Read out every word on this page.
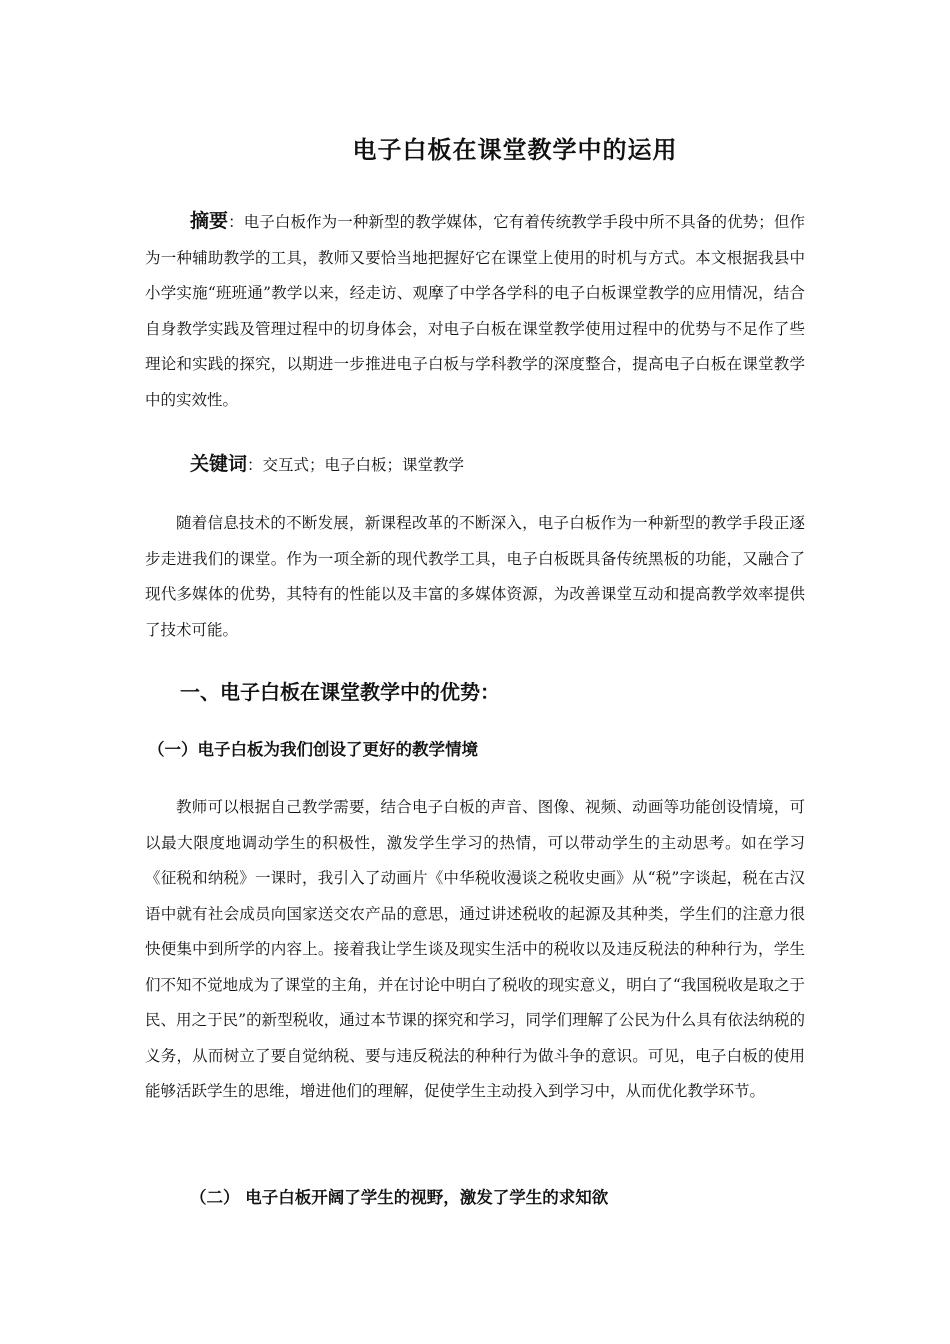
电子白板在课堂教学中的运用

摘要：电子白板作为一种新型的教学媒体，它有着传统教学手段中所不具备的优势；但作为一种辅助教学的工具，教师又要恰当地把握好它在课堂上使用的时机与方式。本文根据我县中小学实施“班班通”教学以来，经走访、观摩了中学各学科的电子白板课堂教学的应用情况，结合自身教学实践及管理过程中的切身体会，对电子白板在课堂教学使用过程中的优势与不足作了些理论和实践的探究，以期进一步推进电子白板与学科教学的深度整合，提高电子白板在课堂教学中的实效性。

关键词：交互式；电子白板；课堂教学

随着信息技术的不断发展，新课程改革的不断深入，电子白板作为一种新型的教学手段正逐步走进我们的课堂。作为一项全新的现代教学工具，电子白板既具备传统黑板的功能，又融合了现代多媒体的优势，其特有的性能以及丰富的多媒体资源，为改善课堂互动和提高教学效率提供了技术可能。

一、电子白板在课堂教学中的优势：
（一）电子白板为我们创设了更好的教学情境

教师可以根据自己教学需要，结合电子白板的声音、图像、视频、动画等功能创设情境，可以最大限度地调动学生的积极性，激发学生学习的热情，可以带动学生的主动思考。如在学习《征税和纳税》一课时，我引入了动画片《中华税收漫谈之税收史画》从“税”字谈起，税在古汉语中就有社会成员向国家送交农产品的意思，通过讲述税收的起源及其种类，学生们的注意力很快便集中到所学的内容上。接着我让学生谈及现实生活中的税收以及违反税法的种种行为，学生们不知不觉地成为了课堂的主角，并在讨论中明白了税收的现实意义，明白了“我国税收是取之于民、用之于民”的新型税收，通过本节课的探究和学习，同学们理解了公民为什么具有依法纳税的义务，从而树立了要自觉纳税、要与违反税法的种种行为做斗争的意识。可见，电子白板的使用能够活跃学生的思维，增进他们的理解，促使学生主动投入到学习中，从而优化教学环节。

（二） 电子白板开阔了学生的视野，激发了学生的求知欲
